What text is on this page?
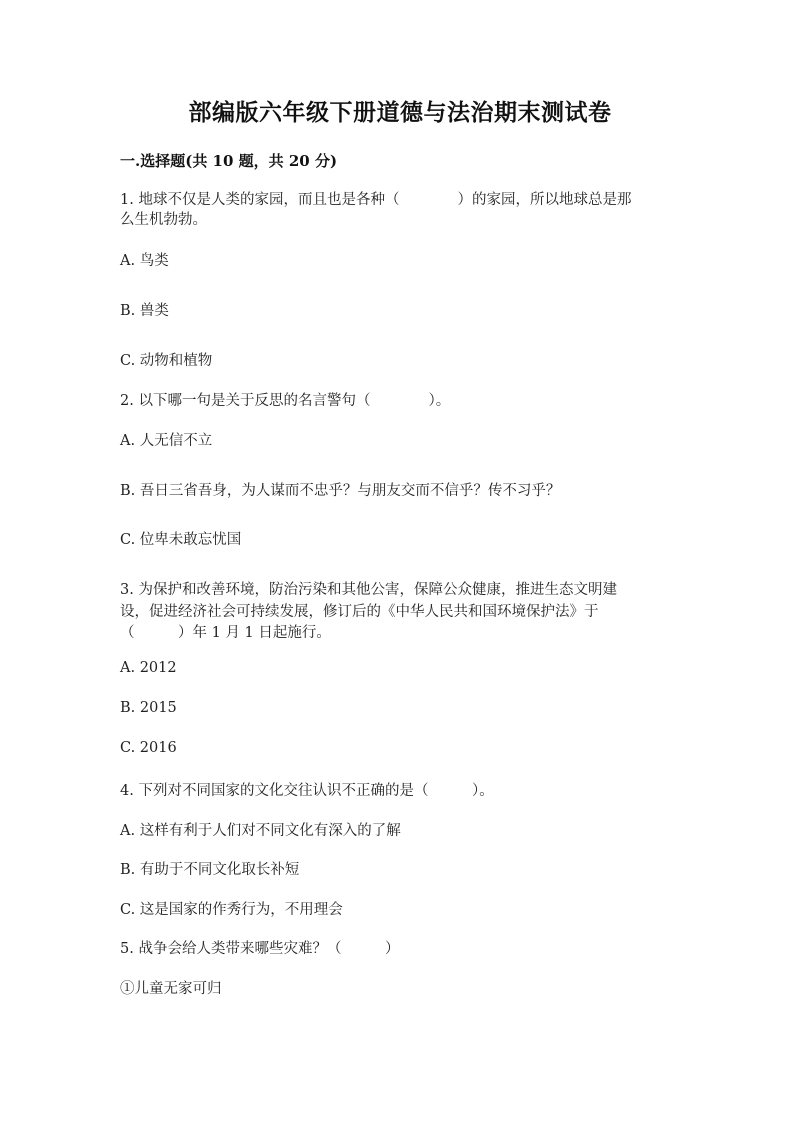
部编版六年级下册道德与法治期末测试卷
一.选择题(共 10 题，共 20 分)
1. 地球不仅是人类的家园，而且也是各种（　　　　）的家园，所以地球总是那
么生机勃勃。
A. 鸟类
B. 兽类
C. 动物和植物
2. 以下哪一句是关于反思的名言警句（　　　　）。
A. 人无信不立
B. 吾日三省吾身，为人谋而不忠乎？与朋友交而不信乎？传不习乎？
C. 位卑未敢忘忧国
3. 为保护和改善环境，防治污染和其他公害，保障公众健康，推进生态文明建
设，促进经济社会可持续发展，修订后的《中华人民共和国环境保护法》于
（　　　）年 1 月 1 日起施行。
A. 2012
B. 2015
C. 2016
4. 下列对不同国家的文化交往认识不正确的是（　　　）。
A. 这样有利于人们对不同文化有深入的了解
B. 有助于不同文化取长补短
C. 这是国家的作秀行为，不用理会
5. 战争会给人类带来哪些灾难？（　　　）
①儿童无家可归
